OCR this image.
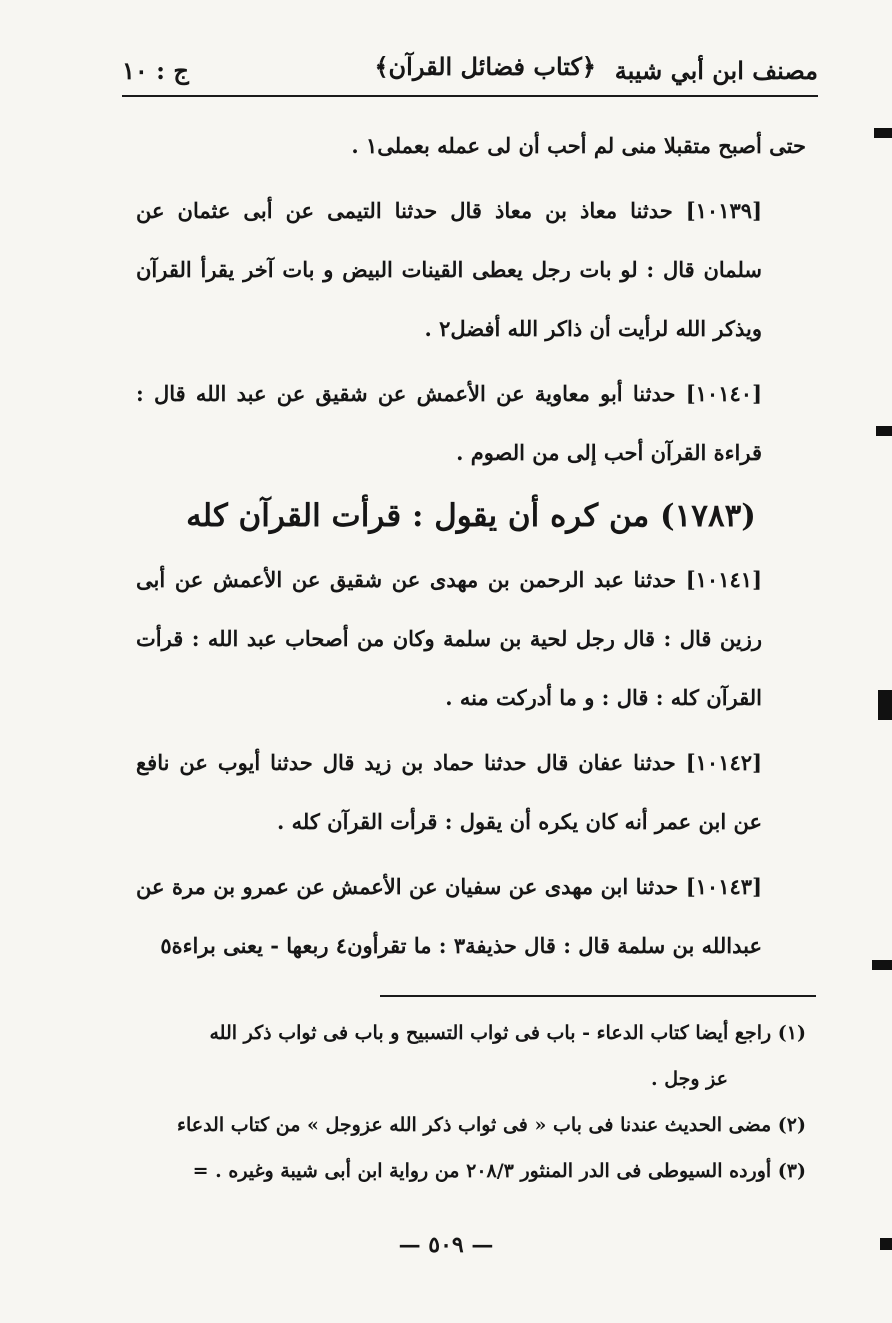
مصنف ابن أبي شيبة
﴿كتاب فضائل القرآن﴾
ج : ١٠

حتى أصبح متقبلا منى لم أحب أن لى عمله بعملى١ .

[١٠١٣٩] حدثنا معاذ بن معاذ قال حدثنا التيمى عن أبى عثمان عن سلمان قال : لو بات رجل يعطى القينات البيض و بات آخر يقرأ القرآن ويذكر الله لرأيت أن ذاكر الله أفضل٢ .

[١٠١٤٠] حدثنا أبو معاوية عن الأعمش عن شقيق عن عبد الله قال : قراءة القرآن أحب إلى من الصوم .

(١٧٨٣) من كره أن يقول : قرأت القرآن كله

[١٠١٤١] حدثنا عبد الرحمن بن مهدى عن شقيق عن الأعمش عن أبى رزين قال : قال رجل لحية بن سلمة وكان من أصحاب عبد الله : قرأت القرآن كله : قال : و ما أدركت منه .

[١٠١٤٢] حدثنا عفان قال حدثنا حماد بن زيد قال حدثنا أيوب عن نافع عن ابن عمر أنه كان يكره أن يقول : قرأت القرآن كله .

[١٠١٤٣] حدثنا ابن مهدى عن سفيان عن الأعمش عن عمرو بن مرة عن عبدالله بن سلمة قال : قال حذيفة٣ : ما تقرأون٤ ربعها - يعنى براءة٥

(١) راجع أيضا كتاب الدعاء - باب فى ثواب التسبيح و باب فى ثواب ذكر الله

عز وجل .

(٢) مضى الحديث عندنا فى باب « فى ثواب ذكر الله عزوجل » من كتاب الدعاء

(٣) أورده السيوطى فى الدر المنثور ٢٠٨/٣ من رواية ابن أبى شيبة وغيره . =

— ٥٠٩ —
